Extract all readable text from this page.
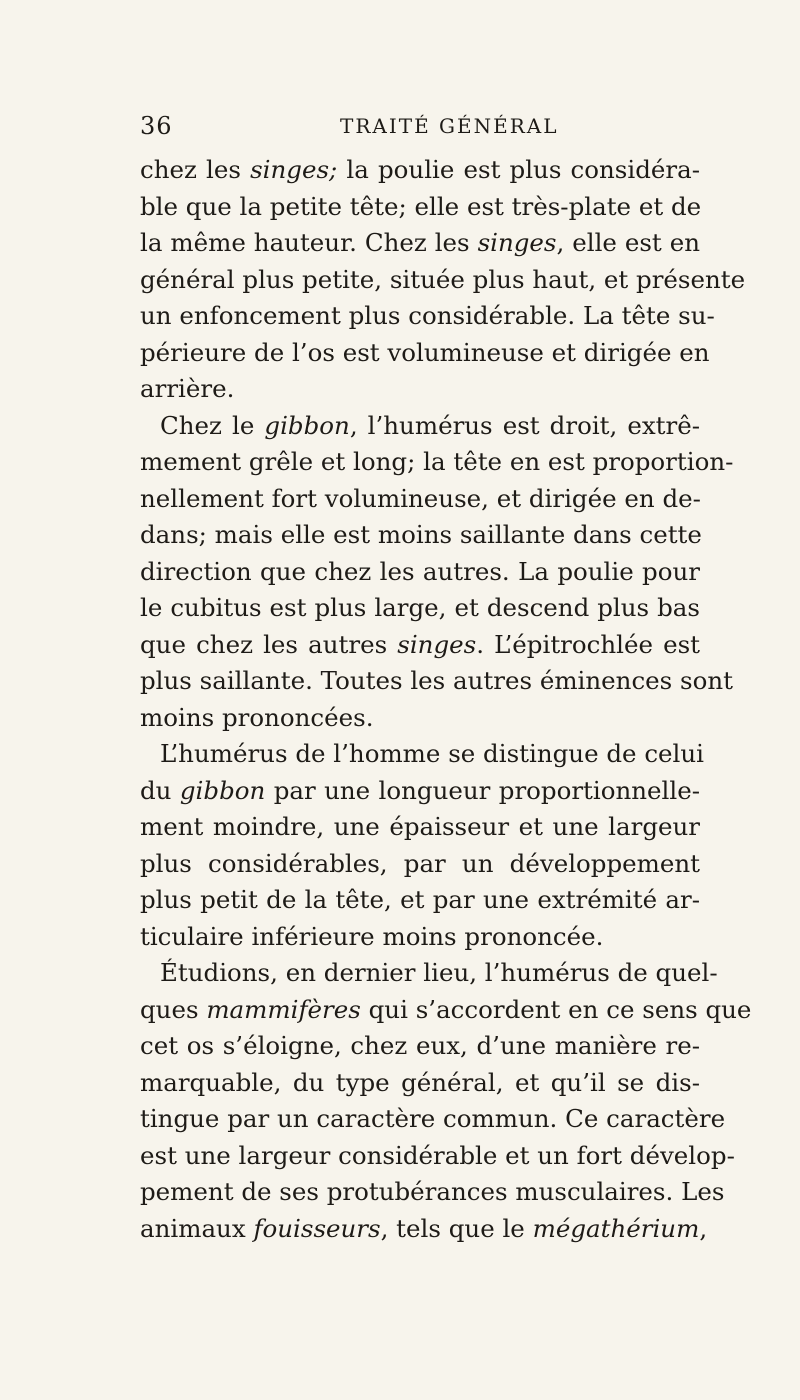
36	TRAITÉ GÉNÉRAL
chez les singes; la poulie est plus considéra-
ble que la petite tête; elle est très-plate et de
la même hauteur. Chez les singes, elle est en
général plus petite, située plus haut, et présente
un enfoncement plus considérable. La tête su-
périeure de l’os est volumineuse et dirigée en
arrière.
Chez le gibbon, l’humérus est droit, extrê-
mement grêle et long; la tête en est proportion-
nellement fort volumineuse, et dirigée en de-
dans; mais elle est moins saillante dans cette
direction que chez les autres. La poulie pour
le cubitus est plus large, et descend plus bas
que chez les autres singes. L’épitrochlée est
plus saillante. Toutes les autres éminences sont
moins prononcées.
L’humérus de l’homme se distingue de celui
du gibbon par une longueur proportionnelle-
ment moindre, une épaisseur et une largeur
plus considérables, par un développement
plus petit de la tête, et par une extrémité ar-
ticulaire inférieure moins prononcée.
Étudions, en dernier lieu, l’humérus de quel-
ques mammifères qui s’accordent en ce sens que
cet os s’éloigne, chez eux, d’une manière re-
marquable, du type général, et qu’il se dis-
tingue par un caractère commun. Ce caractère
est une largeur considérable et un fort dévelop-
pement de ses protubérances musculaires. Les
animaux fouisseurs, tels que le mégathérium,
